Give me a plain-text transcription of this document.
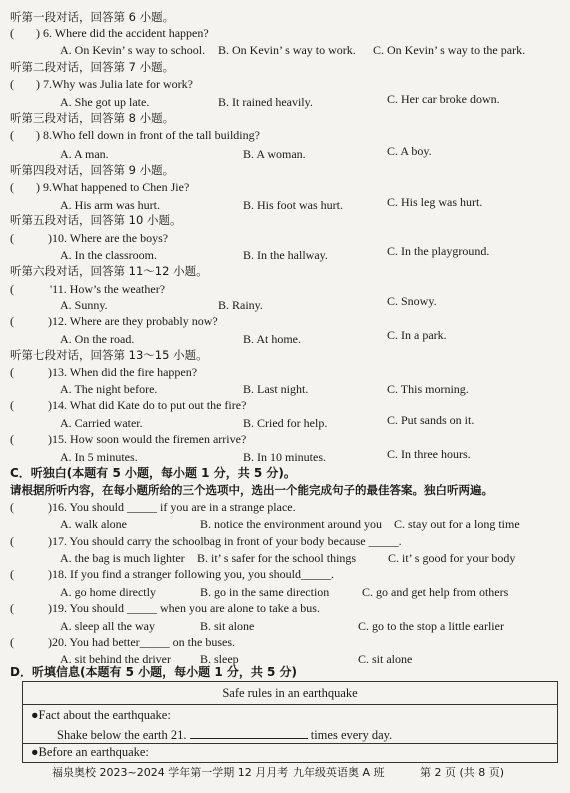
听第一段对话，回答第 6 小题。
( ) 6. Where did the accident happen?
A. On Kevin’ s way to school. B. On Kevin’ s way to work. C. On Kevin’ s way to the park.
听第二段对话，回答第 7 小题。
( ) 7.Why was Julia late for work?
A. She got up late.	B. It rained heavily.	C. Her car broke down.
听第三段对话，回答第 8 小题。
( ) 8.Who fell down in front of the tall building?
A. A man.	B. A woman.	C. A boy.
听第四段对话，回答第 9 小题。
( ) 9.What happened to Chen Jie?
A. His arm was hurt.	B. His foot was hurt.	C. His leg was hurt.
听第五段对话，回答第 10 小题。
(	)10. Where are the boys?
A. In the classroom.	B. In the hallway.	C. In the playground.
听第六段对话，回答第 11～12 小题。
(	'11. How’s the weather?
A. Sunny.	B. Rainy.	C. Snowy.
(	)12. Where are they probably now?
A. On the road.	B. At home.	C. In a park.
听第七段对话，回答第 13～15 小题。
(	)13. When did the fire happen?
A. The night before.	B. Last night.	C. This morning.
(	)14. What did Kate do to put out the fire?
A. Carried water.	B. Cried for help.	C. Put sands on it.
(	)15. How soon would the firemen arrive?
A. In 5 minutes.	B. In 10 minutes.	C. In three hours.
C．听独白(本题有 5 小题，每小题 1 分，共 5 分)。
请根据所听内容，在每小题所给的三个选项中，选出一个能完成句子的最佳答案。独白听两遍。
(	)16. You should _____ if you are in a strange place.
A. walk alone	B. notice the environment around you C. stay out for a long time
(	)17. You should carry the schoolbag in front of your body because _____.
A. the bag is much lighter B. it’ s safer for the school things	C. it’ s good for your body
(	)18. If you find a stranger following you, you should_____.
A. go home directly	B. go in the same direction	C. go and get help from others
(	)19. You should _____ when you are alone to take a bus.
A. sleep all the way	B. sit alone	C. go to the stop a little earlier
(	)20. You had better_____ on the buses.
A. sit behind the driver B. sleep	C. sit alone
D．听填信息(本题有 5 小题，每小题 1 分，共 5 分)
Safe rules in an earthquake
●Fact about the earthquake:
Shake below the earth 21.	times every day.
●Before an earthquake:
福泉奥校 2023~2024 学年第一学期 12 月月考 九年级英语奥 A 班	第 2 页 (共 8 页)
